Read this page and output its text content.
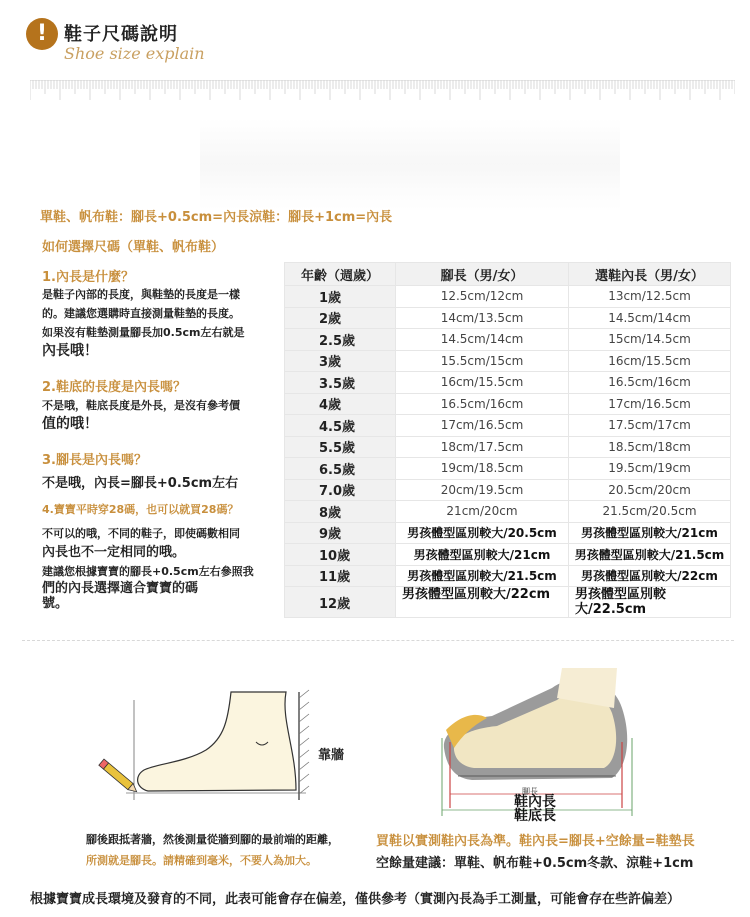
! 鞋子尺碼說明
Shoe size explain
單鞋、帆布鞋：腳長+0.5cm=內長涼鞋：腳長+1cm=內長
如何選擇尺碼（單鞋、帆布鞋）
1.內長是什麼？
是鞋子內部的長度，與鞋墊的長度是一樣
的。建議您選購時直接測量鞋墊的長度。
如果沒有鞋墊測量腳長加0.5cm左右就是
內長哦！
2.鞋底的長度是內長嗎？
不是哦，鞋底長度是外長，是沒有參考價
值的哦！
3.腳長是內長嗎？
不是哦，內長=腳長+0.5cm左右
4.寶寶平時穿28碼，也可以就買28碼？
不可以的哦，不同的鞋子，即使碼數相同
內長也不一定相同的哦。
建議您根據寶寶的腳長+0.5cm左右參照我
們的內長選擇適合寶寶的碼
號。
年齡（週歲）	腳長（男/女）	選鞋內長（男/女）
1歲	12.5cm/12cm	13cm/12.5cm
2歲	14cm/13.5cm	14.5cm/14cm
2.5歲	14.5cm/14cm	15cm/14.5cm
3歲	15.5cm/15cm	16cm/15.5cm
3.5歲	16cm/15.5cm	16.5cm/16cm
4歲	16.5cm/16cm	17cm/16.5cm
4.5歲	17cm/16.5cm	17.5cm/17cm
5.5歲	18cm/17.5cm	18.5cm/18cm
6.5歲	19cm/18.5cm	19.5cm/19cm
7.0歲	20cm/19.5cm	20.5cm/20cm
8歲	21cm/20cm	21.5cm/20.5cm
9歲	男孩體型區別較大/20.5cm	男孩體型區別較大/21cm
10歲	男孩體型區別較大/21cm	男孩體型區別較大/21.5cm
11歲	男孩體型區別較大/21.5cm	男孩體型區別較大/22cm
12歲	男孩體型區別較大/22cm	男孩體型區別較大/22.5cm
靠牆
腳後跟抵著牆，然後測量從牆到腳的最前端的距離，
所測就是腳長。請精確到毫米，不要人為加大。
腳長
鞋內長
鞋底長
買鞋以實測鞋內長為準。鞋內長=腳長+空餘量=鞋墊長
空餘量建議：單鞋、帆布鞋+0.5cm冬款、涼鞋+1cm
根據寶寶成長環境及發育的不同，此表可能會存在偏差，僅供參考（實測內長為手工測量，可能會存在些許偏差）
